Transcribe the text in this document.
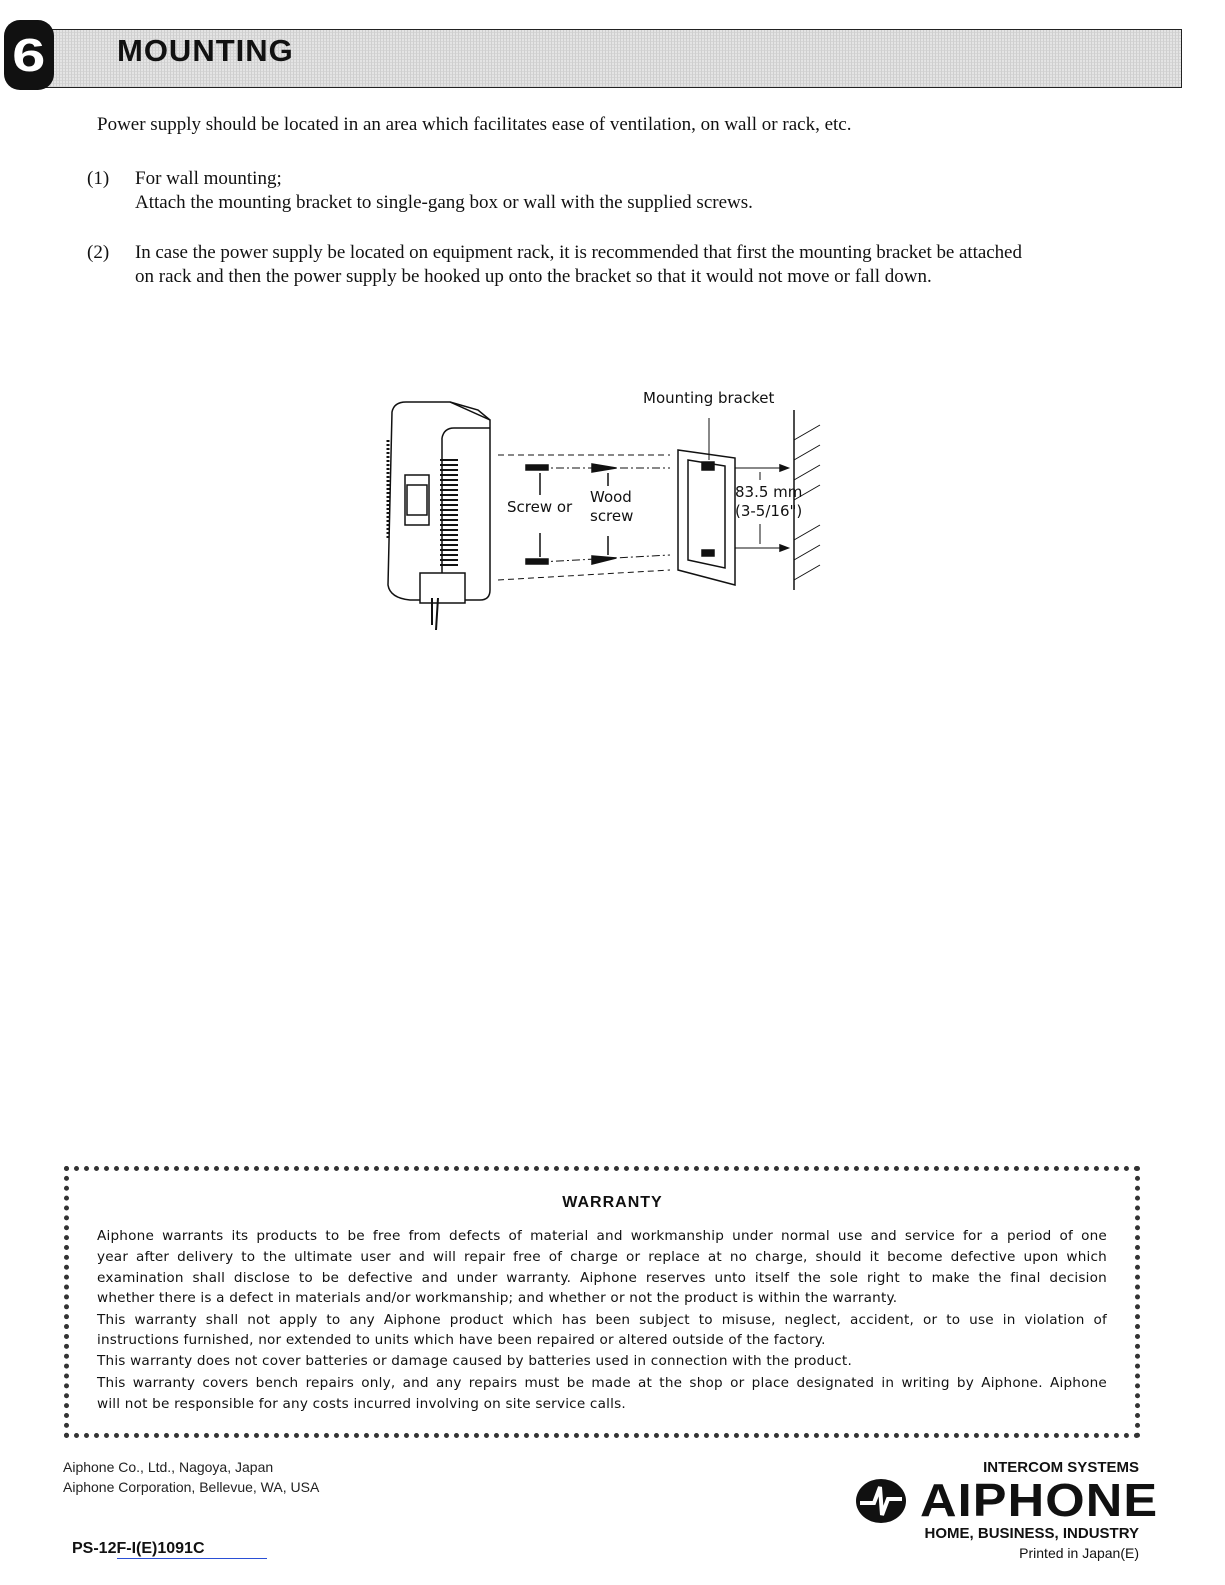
6 MOUNTING
Power supply should be located in an area which facilitates ease of ventilation, on wall or rack, etc.
(1) For wall mounting;
Attach the mounting bracket to single-gang box or wall with the supplied screws.
(2) In case the power supply be located on equipment rack, it is recommended that first the mounting bracket be attached
on rack and then the power supply be hooked up onto the bracket so that it would not move or fall down.
Mounting bracket
Screw or
Wood
screw
83.5 mm
(3-5/16")
WARRANTY
Aiphone warrants its products to be free from defects of material and workmanship under normal use and service for a period of one
year after delivery to the ultimate user and will repair free of charge or replace at no charge, should it become defective upon which
examination shall disclose to be defective and under warranty. Aiphone reserves unto itself the sole right to make the final decision
whether there is a defect in materials and/or workmanship; and whether or not the product is within the warranty.
This warranty shall not apply to any Aiphone product which has been subject to misuse, neglect, accident, or to use in violation of
instructions furnished, nor extended to units which have been repaired or altered outside of the factory.
This warranty does not cover batteries or damage caused by batteries used in connection with the product.
This warranty covers bench repairs only, and any repairs must be made at the shop or place designated in writing by Aiphone. Aiphone
will not be responsible for any costs incurred involving on site service calls.
Aiphone Co., Ltd., Nagoya, Japan
Aiphone Corporation, Bellevue, WA, USA
PS-12F-I(E)1091C
INTERCOM SYSTEMS
AIPHONE
HOME, BUSINESS, INDUSTRY
Printed in Japan(E)
